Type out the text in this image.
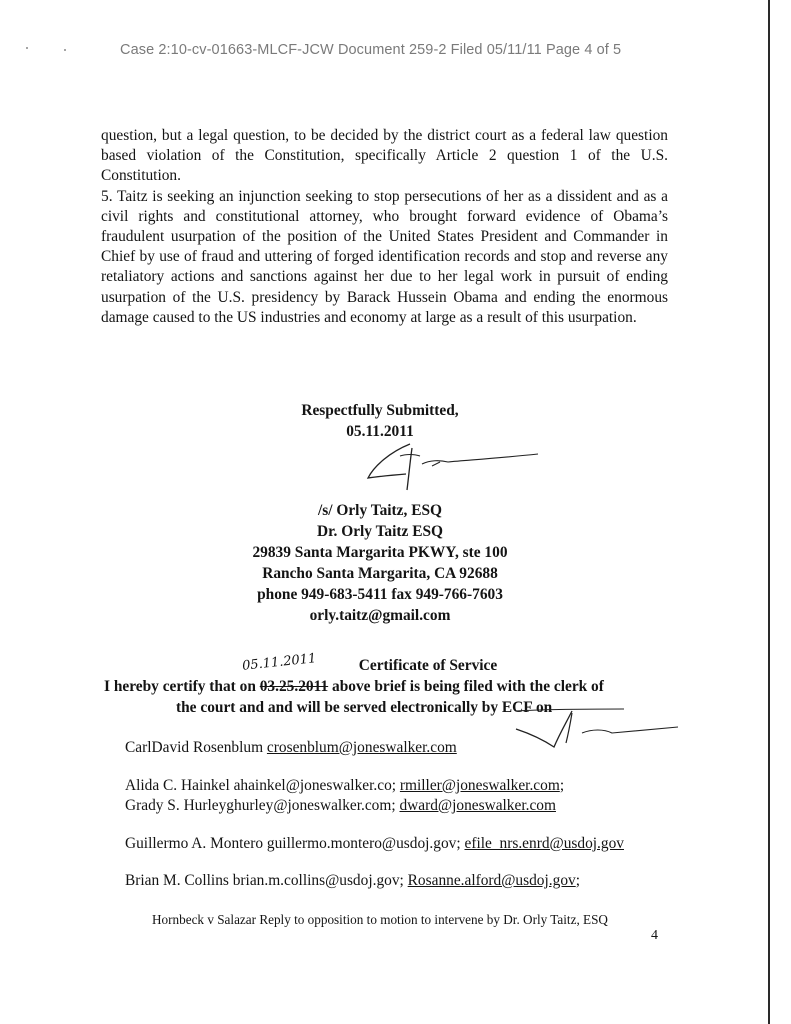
Case 2:10-cv-01663-MLCF-JCW Document 259-2 Filed 05/11/11 Page 4 of 5

question, but a legal question, to be decided by the district court as a federal law question based violation of the Constitution, specifically Article 2 question 1 of the U.S. Constitution.

5. Taitz is seeking an injunction seeking to stop persecutions of her as a dissident and as a civil rights and constitutional attorney, who brought forward evidence of Obama’s fraudulent usurpation of the position of the United States President and Commander in Chief by use of fraud and uttering of forged identification records and stop and reverse any retaliatory actions and sanctions against her due to her legal work in pursuit of ending usurpation of the U.S. presidency by Barack Hussein Obama and ending the enormous damage caused to the US industries and economy at large as a result of this usurpation.

Respectfully Submitted,
05.11.2011
/s/ Orly Taitz, ESQ
Dr. Orly Taitz ESQ
29839 Santa Margarita PKWY, ste 100
Rancho Santa Margarita, CA 92688
phone 949-683-5411 fax 949-766-7603
orly.taitz@gmail.com
05.11.2011	Certificate of Service
I hereby certify that on 03.25.2011 above brief is being filed with the clerk of
the court and and will be served electronically by ECF on
CarlDavid Rosenblum crosenblum@joneswalker.com
Alida C. Hainkel ahainkel@joneswalker.co; rmiller@joneswalker.com;
Grady S. Hurleyghurley@joneswalker.com; dward@joneswalker.com
Guillermo A. Montero guillermo.montero@usdoj.gov; efile_nrs.enrd@usdoj.gov
Brian M. Collins brian.m.collins@usdoj.gov; Rosanne.alford@usdoj.gov;
Hornbeck v Salazar Reply to opposition to motion to intervene by Dr. Orly Taitz, ESQ
4
